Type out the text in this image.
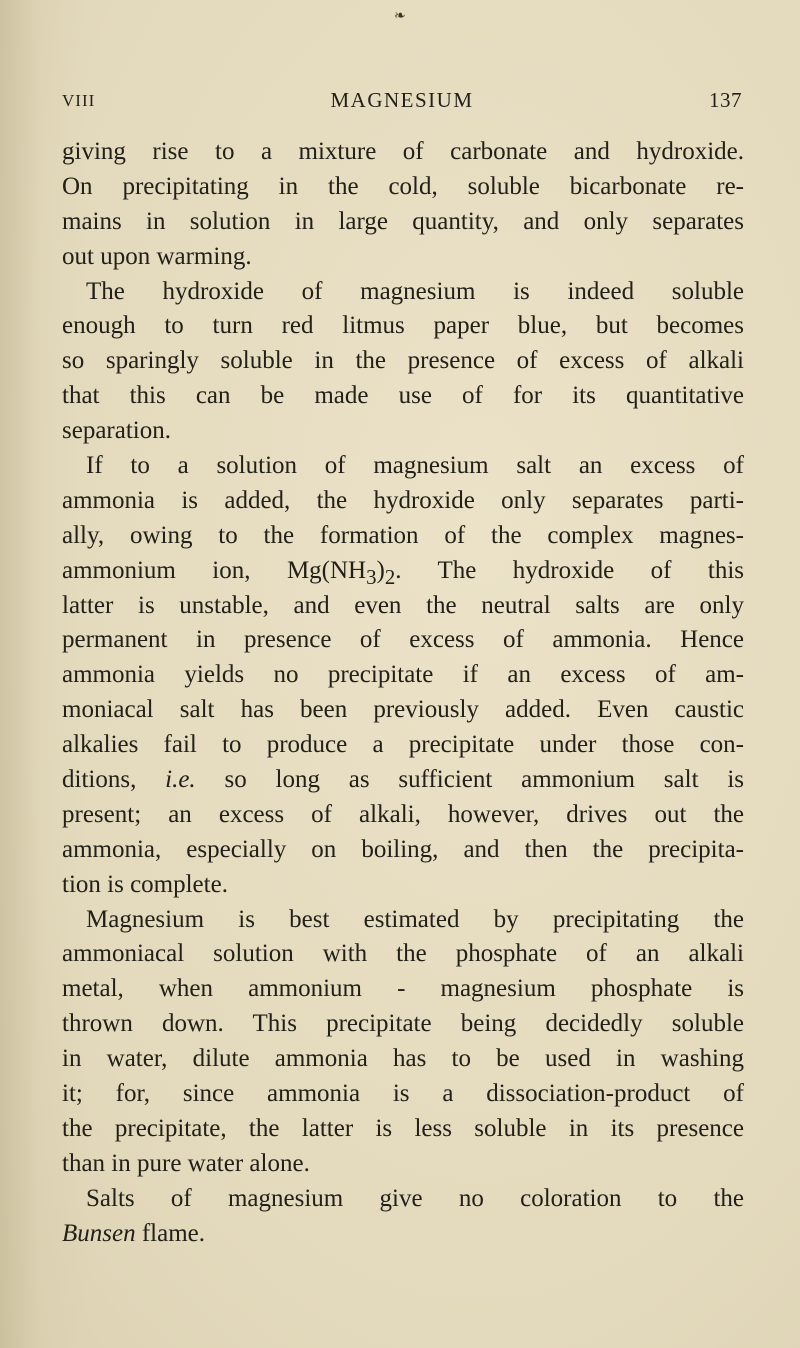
❧
VIII	MAGNESIUM	137
giving rise to a mixture of carbonate and hydroxide.
On precipitating in the cold, soluble bicarbonate re-
mains in solution in large quantity, and only separates
out upon warming.
The hydroxide of magnesium is indeed soluble
enough to turn red litmus paper blue, but becomes
so sparingly soluble in the presence of excess of alkali
that this can be made use of for its quantitative
separation.
If to a solution of magnesium salt an excess of
ammonia is added, the hydroxide only separates parti-
ally, owing to the formation of the complex magnes-
ammonium ion, $Mg(NH_3)_2$. The hydroxide of this
latter is unstable, and even the neutral salts are only
permanent in presence of excess of ammonia. Hence
ammonia yields no precipitate if an excess of am-
moniacal salt has been previously added. Even caustic
alkalies fail to produce a precipitate under those con-
ditions, i.e. so long as sufficient ammonium salt is
present; an excess of alkali, however, drives out the
ammonia, especially on boiling, and then the precipita-
tion is complete.
Magnesium is best estimated by precipitating the
ammoniacal solution with the phosphate of an alkali
metal, when ammonium - magnesium phosphate is
thrown down. This precipitate being decidedly soluble
in water, dilute ammonia has to be used in washing
it; for, since ammonia is a dissociation-product of
the precipitate, the latter is less soluble in its presence
than in pure water alone.
Salts of magnesium give no coloration to the
Bunsen flame.
